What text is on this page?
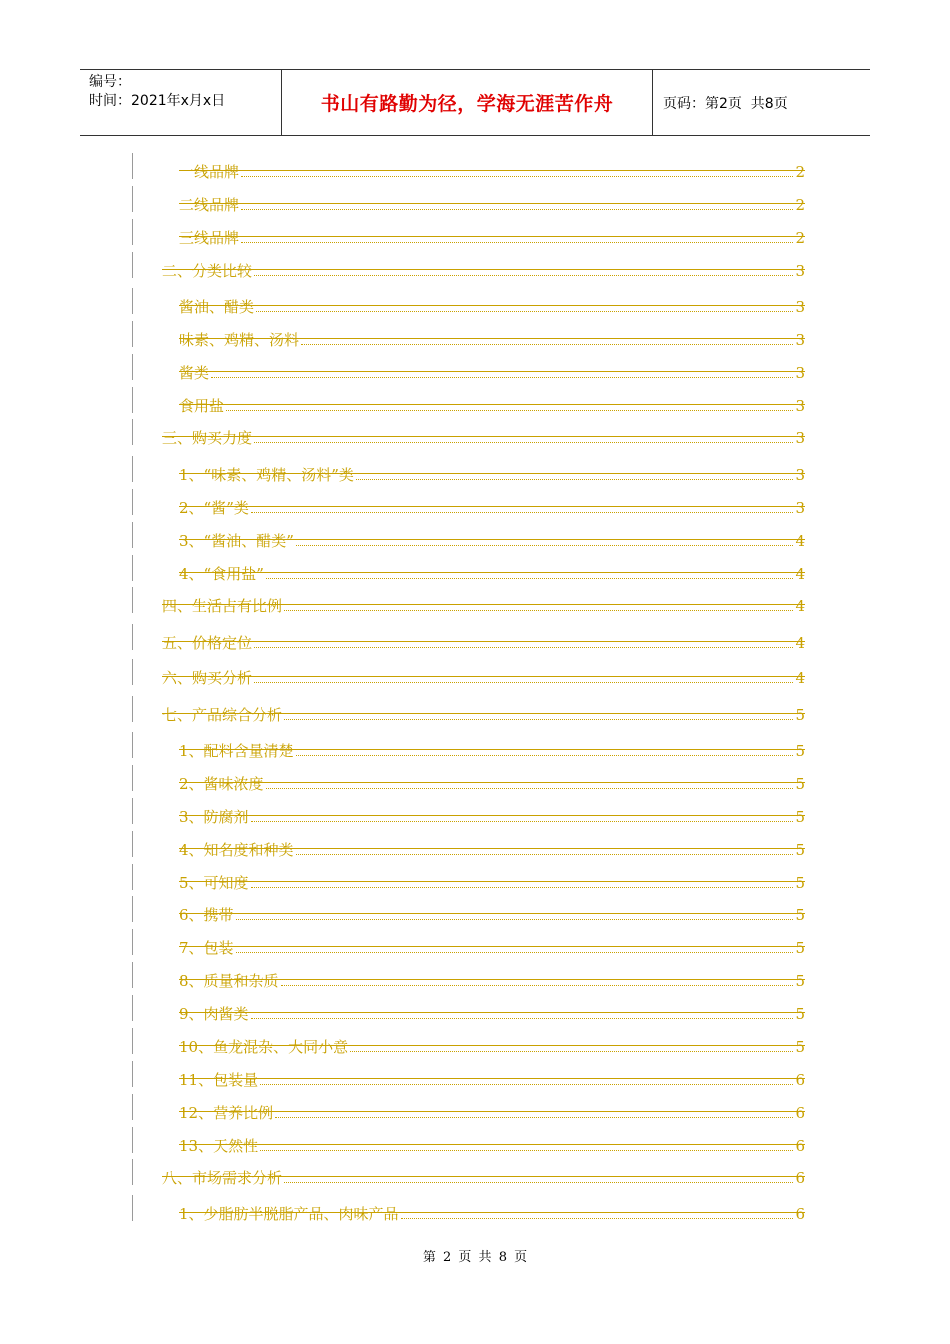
编号：
时间：2021年x月x日	书山有路勤为径，学海无涯苦作舟	页码：第2页  共8页
一线品牌	2
二线品牌	2
三线品牌	2
二、分类比较	3
酱油、醋类	3
味素、鸡精、汤料	3
酱类	3
食用盐	3
三、购买力度	3
1、“味素、鸡精、汤料”类	3
2、“酱”类	3
3、“酱油、醋类”	4
4、“食用盐”	4
四、生活占有比例	4
五、价格定位	4
六、购买分析	4
七、产品综合分析	5
1、配料含量清楚	5
2、酱味浓度	5
3、防腐剂	5
4、知名度和种类	5
5、可知度	5
6、携带	5
7、包装	5
8、质量和杂质	5
9、肉酱类	5
10、鱼龙混杂、大同小意	5
11、包装量	6
12、营养比例	6
13、天然性	6
八、市场需求分析	6
1、少脂肪半脱脂产品、肉味产品	6
第 2 页 共 8 页
